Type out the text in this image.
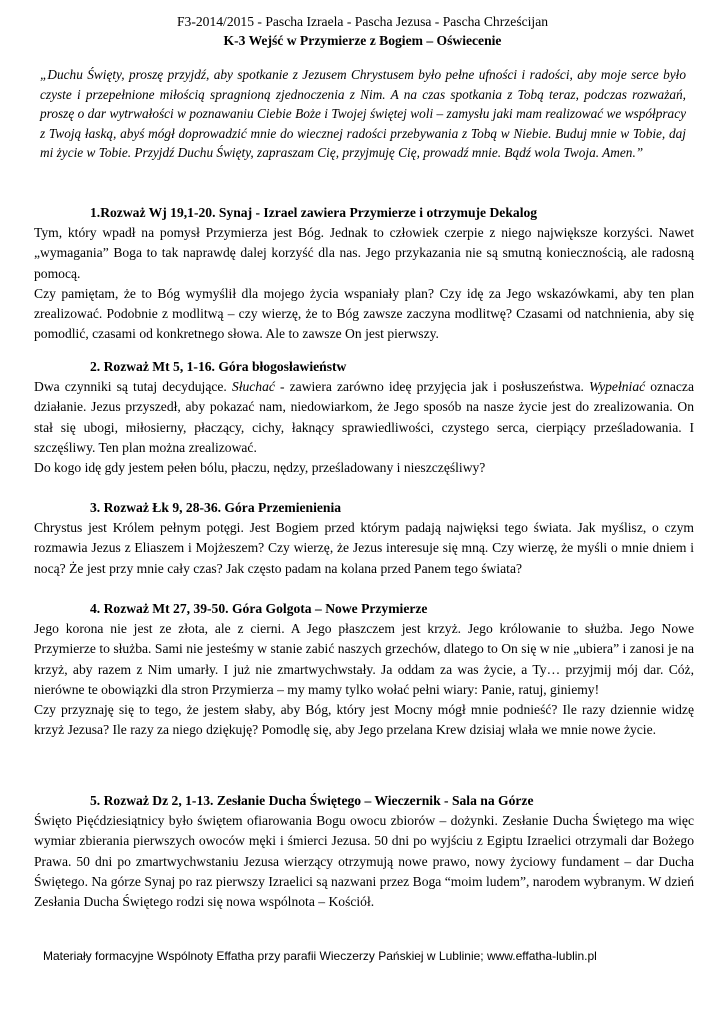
F3-2014/2015 - Pascha Izraela - Pascha Jezusa - Pascha Chrześcijan
K-3 Wejść w Przymierze z Bogiem – Oświecenie
„Duchu Święty, proszę przyjdź, aby spotkanie z Jezusem Chrystusem było pełne ufności i radości, aby moje serce było czyste i przepełnione miłością spragnioną zjednoczenia z Nim. A na czas spotkania z Tobą teraz, podczas rozważań, proszę o dar wytrwałości w poznawaniu Ciebie Boże i Twojej świętej woli – zamysłu jaki mam realizować we współpracy z Twoją łaską, abyś mógł doprowadzić mnie do wiecznej radości przebywania z Tobą w Niebie. Buduj mnie w Tobie, daj mi życie w Tobie. Przyjdź Duchu Święty, zapraszam Cię, przyjmuję Cię, prowadź mnie. Bądź wola Twoja. Amen.”
1.Rozważ Wj 19,1-20. Synaj - Izrael zawiera Przymierze i otrzymuje Dekalog

Tym, który wpadł na pomysł Przymierza jest Bóg. Jednak to człowiek czerpie z niego największe korzyści. Nawet „wymagania” Boga to tak naprawdę dalej korzyść dla nas. Jego przykazania nie są smutną koniecznością, ale radosną pomocą.

Czy pamiętam, że to Bóg wymyślił dla mojego życia wspaniały plan? Czy idę za Jego wskazówkami, aby ten plan zrealizować. Podobnie z modlitwą – czy wierzę, że to Bóg zawsze zaczyna modlitwę? Czasami od natchnienia, aby się pomodlić, czasami od konkretnego słowa. Ale to zawsze On jest pierwszy.

2. Rozważ Mt 5, 1-16. Góra błogosławieństw

Dwa czynniki są tutaj decydujące. Słuchać - zawiera zarówno ideę przyjęcia jak i posłuszeństwa. Wypełniać oznacza działanie. Jezus przyszedł, aby pokazać nam, niedowiarkom, że Jego sposób na nasze życie jest do zrealizowania. On stał się ubogi, miłosierny, płaczący, cichy, łaknący sprawiedliwości, czystego serca, cierpiący prześladowania. I szczęśliwy. Ten plan można zrealizować.

Do kogo idę gdy jestem pełen bólu, płaczu, nędzy, prześladowany i nieszczęśliwy?

3. Rozważ Łk 9, 28-36. Góra Przemienienia

Chrystus jest Królem pełnym potęgi. Jest Bogiem przed którym padają najwięksi tego świata. Jak myślisz, o czym rozmawia Jezus z Eliaszem i Mojżeszem? Czy wierzę, że Jezus interesuje się mną. Czy wierzę, że myśli o mnie dniem i nocą? Że jest przy mnie cały czas? Jak często padam na kolana przed Panem tego świata?

4. Rozważ Mt 27, 39-50. Góra Golgota – Nowe Przymierze

Jego korona nie jest ze złota, ale z cierni. A Jego płaszczem jest krzyż. Jego królowanie to służba. Jego Nowe Przymierze to służba. Sami nie jesteśmy w stanie zabić naszych grzechów, dlatego to On się w nie „ubiera” i zanosi je na krzyż, aby razem z Nim umarły. I już nie zmartwychwstały. Ja oddam za was życie, a Ty… przyjmij mój dar. Cóż, nierówne te obowiązki dla stron Przymierza – my mamy tylko wołać pełni wiary: Panie, ratuj, giniemy!

Czy przyznaję się to tego, że jestem słaby, aby Bóg, który jest Mocny mógł mnie podnieść? Ile razy dziennie widzę krzyż Jezusa? Ile razy za niego dziękuję? Pomodlę się, aby Jego przelana Krew dzisiaj wlała we mnie nowe życie.

5. Rozważ Dz 2, 1-13. Zesłanie Ducha Świętego – Wieczernik - Sala na Górze

Święto Pięćdziesiątnicy było świętem ofiarowania Bogu owocu zbiorów – dożynki. Zesłanie Ducha Świętego ma więc wymiar zbierania pierwszych owoców męki i śmierci Jezusa. 50 dni po wyjściu z Egiptu Izraelici otrzymali dar Bożego Prawa. 50 dni po zmartwychwstaniu Jezusa wierzący otrzymują nowe prawo, nowy życiowy fundament – dar Ducha Świętego. Na górze Synaj po raz pierwszy Izraelici są nazwani przez Boga “moim ludem”, narodem wybranym. W dzień Zesłania Ducha Świętego rodzi się nowa wspólnota – Kościół.

Materiały formacyjne Wspólnoty Effatha przy parafii Wieczerzy Pańskiej w Lublinie; www.effatha-lublin.pl
